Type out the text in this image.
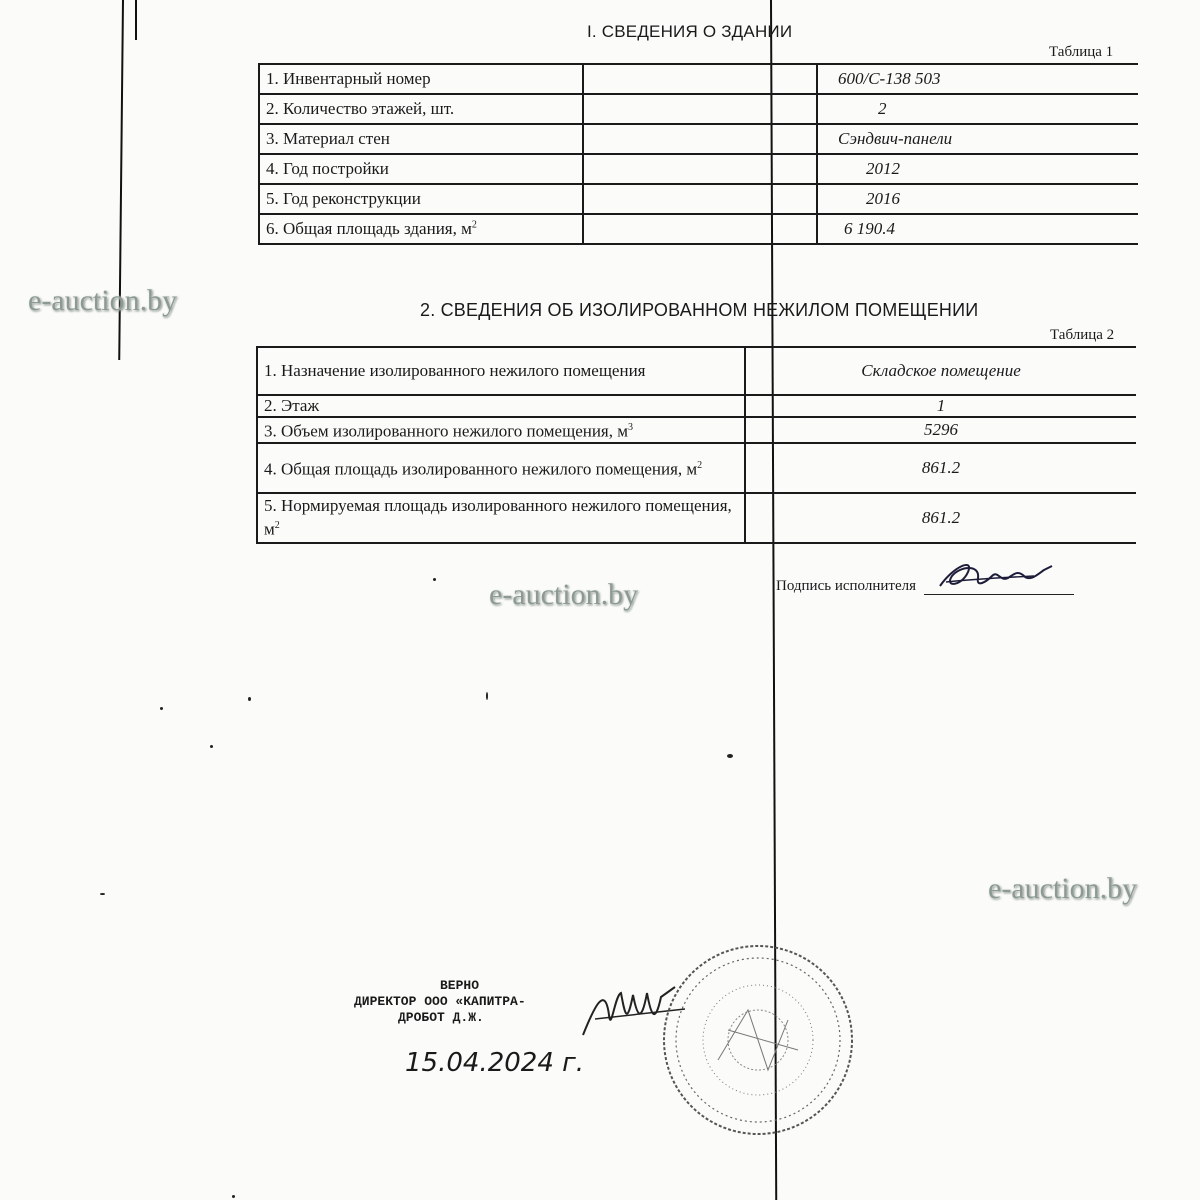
I. СВЕДЕНИЯ О ЗДАНИИ
Таблица 1
1. Инвентарный номер		600/С-138 503
2. Количество этажей, шт.		2
3. Материал стен		Сэндвич-панели
4. Год постройки		2012
5. Год реконструкции		2016
6. Общая площадь здания, $м^2$		6 190.4
2. СВЕДЕНИЯ ОБ ИЗОЛИРОВАННОМ НЕЖИЛОМ ПОМЕЩЕНИИ
Таблица 2
1. Назначение изолированного нежилого помещения	Складское помещение
2. Этаж	1
3. Объем изолированного нежилого помещения, $м^3$	5296
4. Общая площадь изолированного нежилого помещения, $м^2$	861.2
5. Нормируемая площадь изолированного нежилого помещения, $м^2$	861.2
Подпись исполнителя
e-auction.by
e-auction.by
e-auction.by
ВЕРНО
ДИРЕКТОР ООО «КАПИТРА-
ДРОБОТ Д.Ж.
15.04.2024 г.
